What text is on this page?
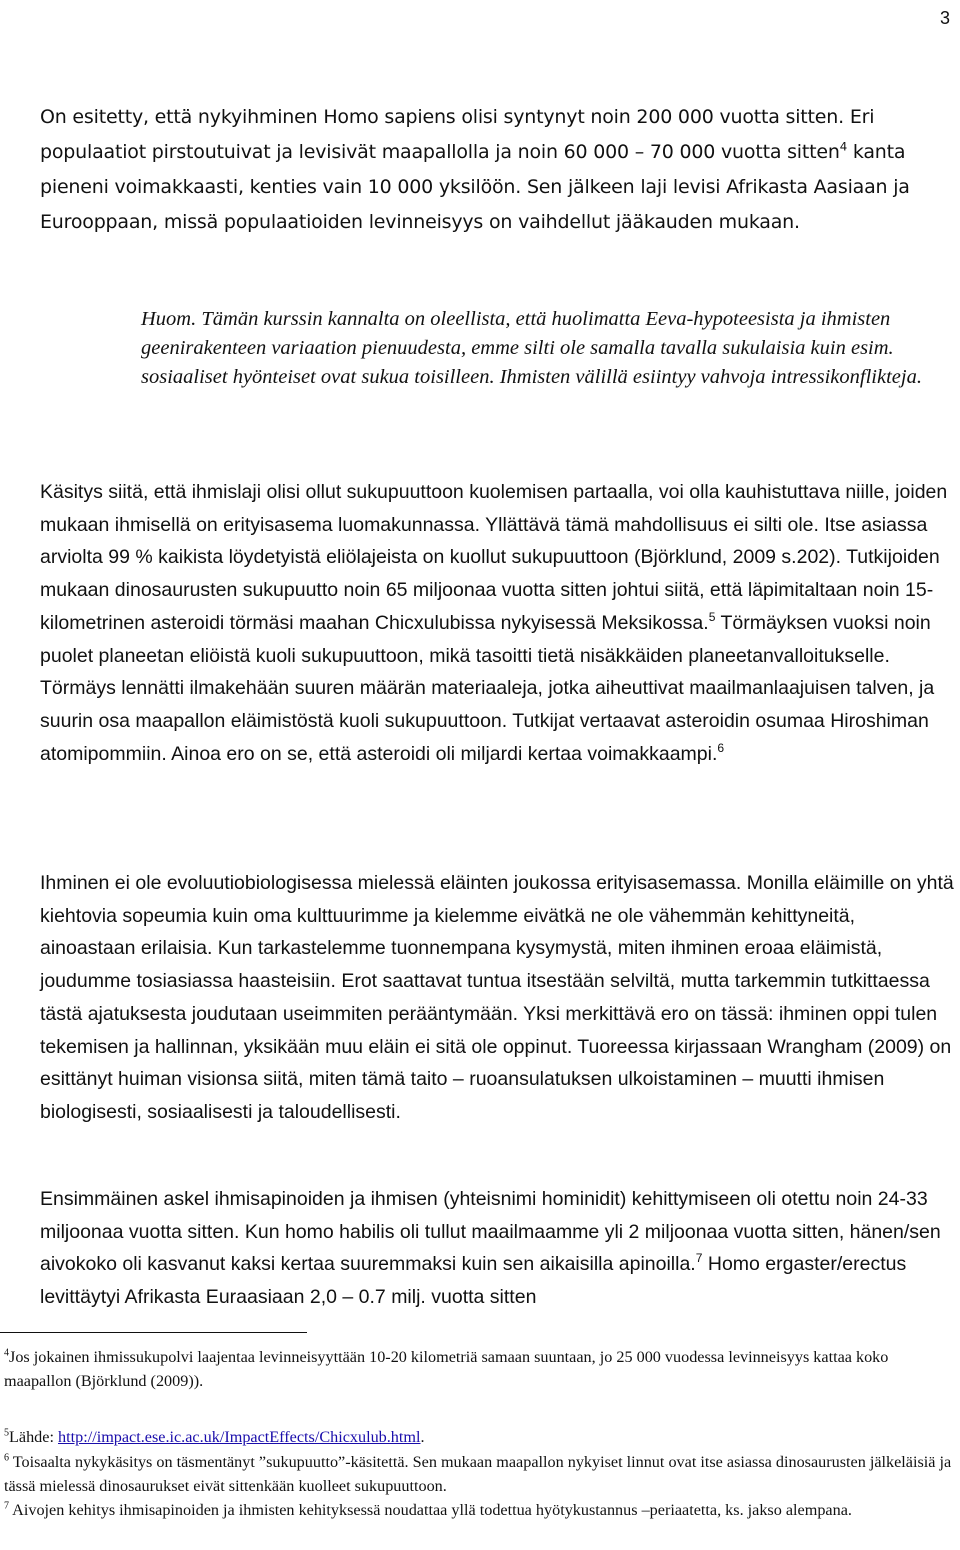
3

On esitetty, että nykyihminen Homo sapiens olisi syntynyt noin 200 000 vuotta sitten. Eri populaatiot pirstoutuivat ja levisivät maapallolla ja noin 60 000 – 70 000 vuotta sitten$^4$ kanta pieneni voimakkaasti, kenties vain 10 000 yksilöön. Sen jälkeen laji levisi Afrikasta Aasiaan ja Eurooppaan, missä populaatioiden levinneisyys on vaihdellut jääkauden mukaan.

Huom. Tämän kurssin kannalta on oleellista, että huolimatta Eeva-hypoteesista ja ihmisten geenirakenteen variaation pienuudesta, emme silti ole samalla tavalla sukulaisia kuin esim. sosiaaliset hyönteiset ovat sukua toisilleen. Ihmisten välillä esiintyy vahvoja intressikonflikteja.

Käsitys siitä, että ihmislaji olisi ollut sukupuuttoon kuolemisen partaalla, voi olla kauhistuttava niille, joiden mukaan ihmisellä on erityisasema luomakunnassa. Yllättävä tämä mahdollisuus ei silti ole. Itse asiassa arviolta 99 % kaikista löydetyistä eliölajeista on kuollut sukupuuttoon (Björklund, 2009 s.202). Tutkijoiden mukaan dinosaurusten sukupuutto noin 65 miljoonaa vuotta sitten johtui siitä, että läpimitaltaan noin 15-kilometrinen asteroidi törmäsi maahan Chicxulubissa nykyisessä Meksikossa.$^5$ Törmäyksen vuoksi noin puolet planeetan eliöistä kuoli sukupuuttoon, mikä tasoitti tietä nisäkkäiden planeetanvalloitukselle. Törmäys lennätti ilmakehään suuren määrän materiaaleja, jotka aiheuttivat maailmanlaajuisen talven, ja suurin osa maapallon eläimistöstä kuoli sukupuuttoon. Tutkijat vertaavat asteroidin osumaa Hiroshiman atomipommiin. Ainoa ero on se, että asteroidi oli miljardi kertaa voimakkaampi.$^6$

Ihminen ei ole evoluutiobiologisessa mielessä eläinten joukossa erityisasemassa. Monilla eläimille on yhtä kiehtovia sopeumia kuin oma kulttuurimme ja kielemme eivätkä ne ole vähemmän kehittyneitä, ainoastaan erilaisia. Kun tarkastelemme tuonnempana kysymystä, miten ihminen eroaa eläimistä, joudumme tosiasiassa haasteisiin. Erot saattavat tuntua itsestään selviltä, mutta tarkemmin tutkittaessa tästä ajatuksesta joudutaan useimmiten perääntymään. Yksi merkittävä ero on tässä: ihminen oppi tulen tekemisen ja hallinnan, yksikään muu eläin ei sitä ole oppinut. Tuoreessa kirjassaan Wrangham (2009) on esittänyt huiman visionsa siitä, miten tämä taito – ruoansulatuksen ulkoistaminen – muutti ihmisen biologisesti, sosiaalisesti ja taloudellisesti.

Ensimmäinen askel ihmisapinoiden ja ihmisen (yhteisnimi hominidit) kehittymiseen oli otettu noin 24-33 miljoonaa vuotta sitten. Kun homo habilis oli tullut maailmaamme yli 2 miljoonaa vuotta sitten, hänen/sen aivokoko oli kasvanut kaksi kertaa suuremmaksi kuin sen aikaisilla apinoilla.$^7$ Homo ergaster/erectus levittäytyi Afrikasta Euraasiaan 2,0 – 0.7 milj. vuotta sitten

$^4$Jos jokainen ihmissukupolvi laajentaa levinneisyyttään 10-20 kilometriä samaan suuntaan, jo 25 000 vuodessa levinneisyys kattaa koko maapallon (Björklund (2009)).

$^5$Lähde: http://impact.ese.ic.ac.uk/ImpactEffects/Chicxulub.html.

$^6$ Toisaalta nykykäsitys on täsmentänyt ”sukupuutto”-käsitettä. Sen mukaan maapallon nykyiset linnut ovat itse asiassa dinosaurusten jälkeläisiä ja tässä mielessä dinosaurukset eivät sittenkään kuolleet sukupuuttoon.

$^7$ Aivojen kehitys ihmisapinoiden ja ihmisten kehityksessä noudattaa yllä todettua hyötykustannus –periaatetta, ks. jakso alempana.
